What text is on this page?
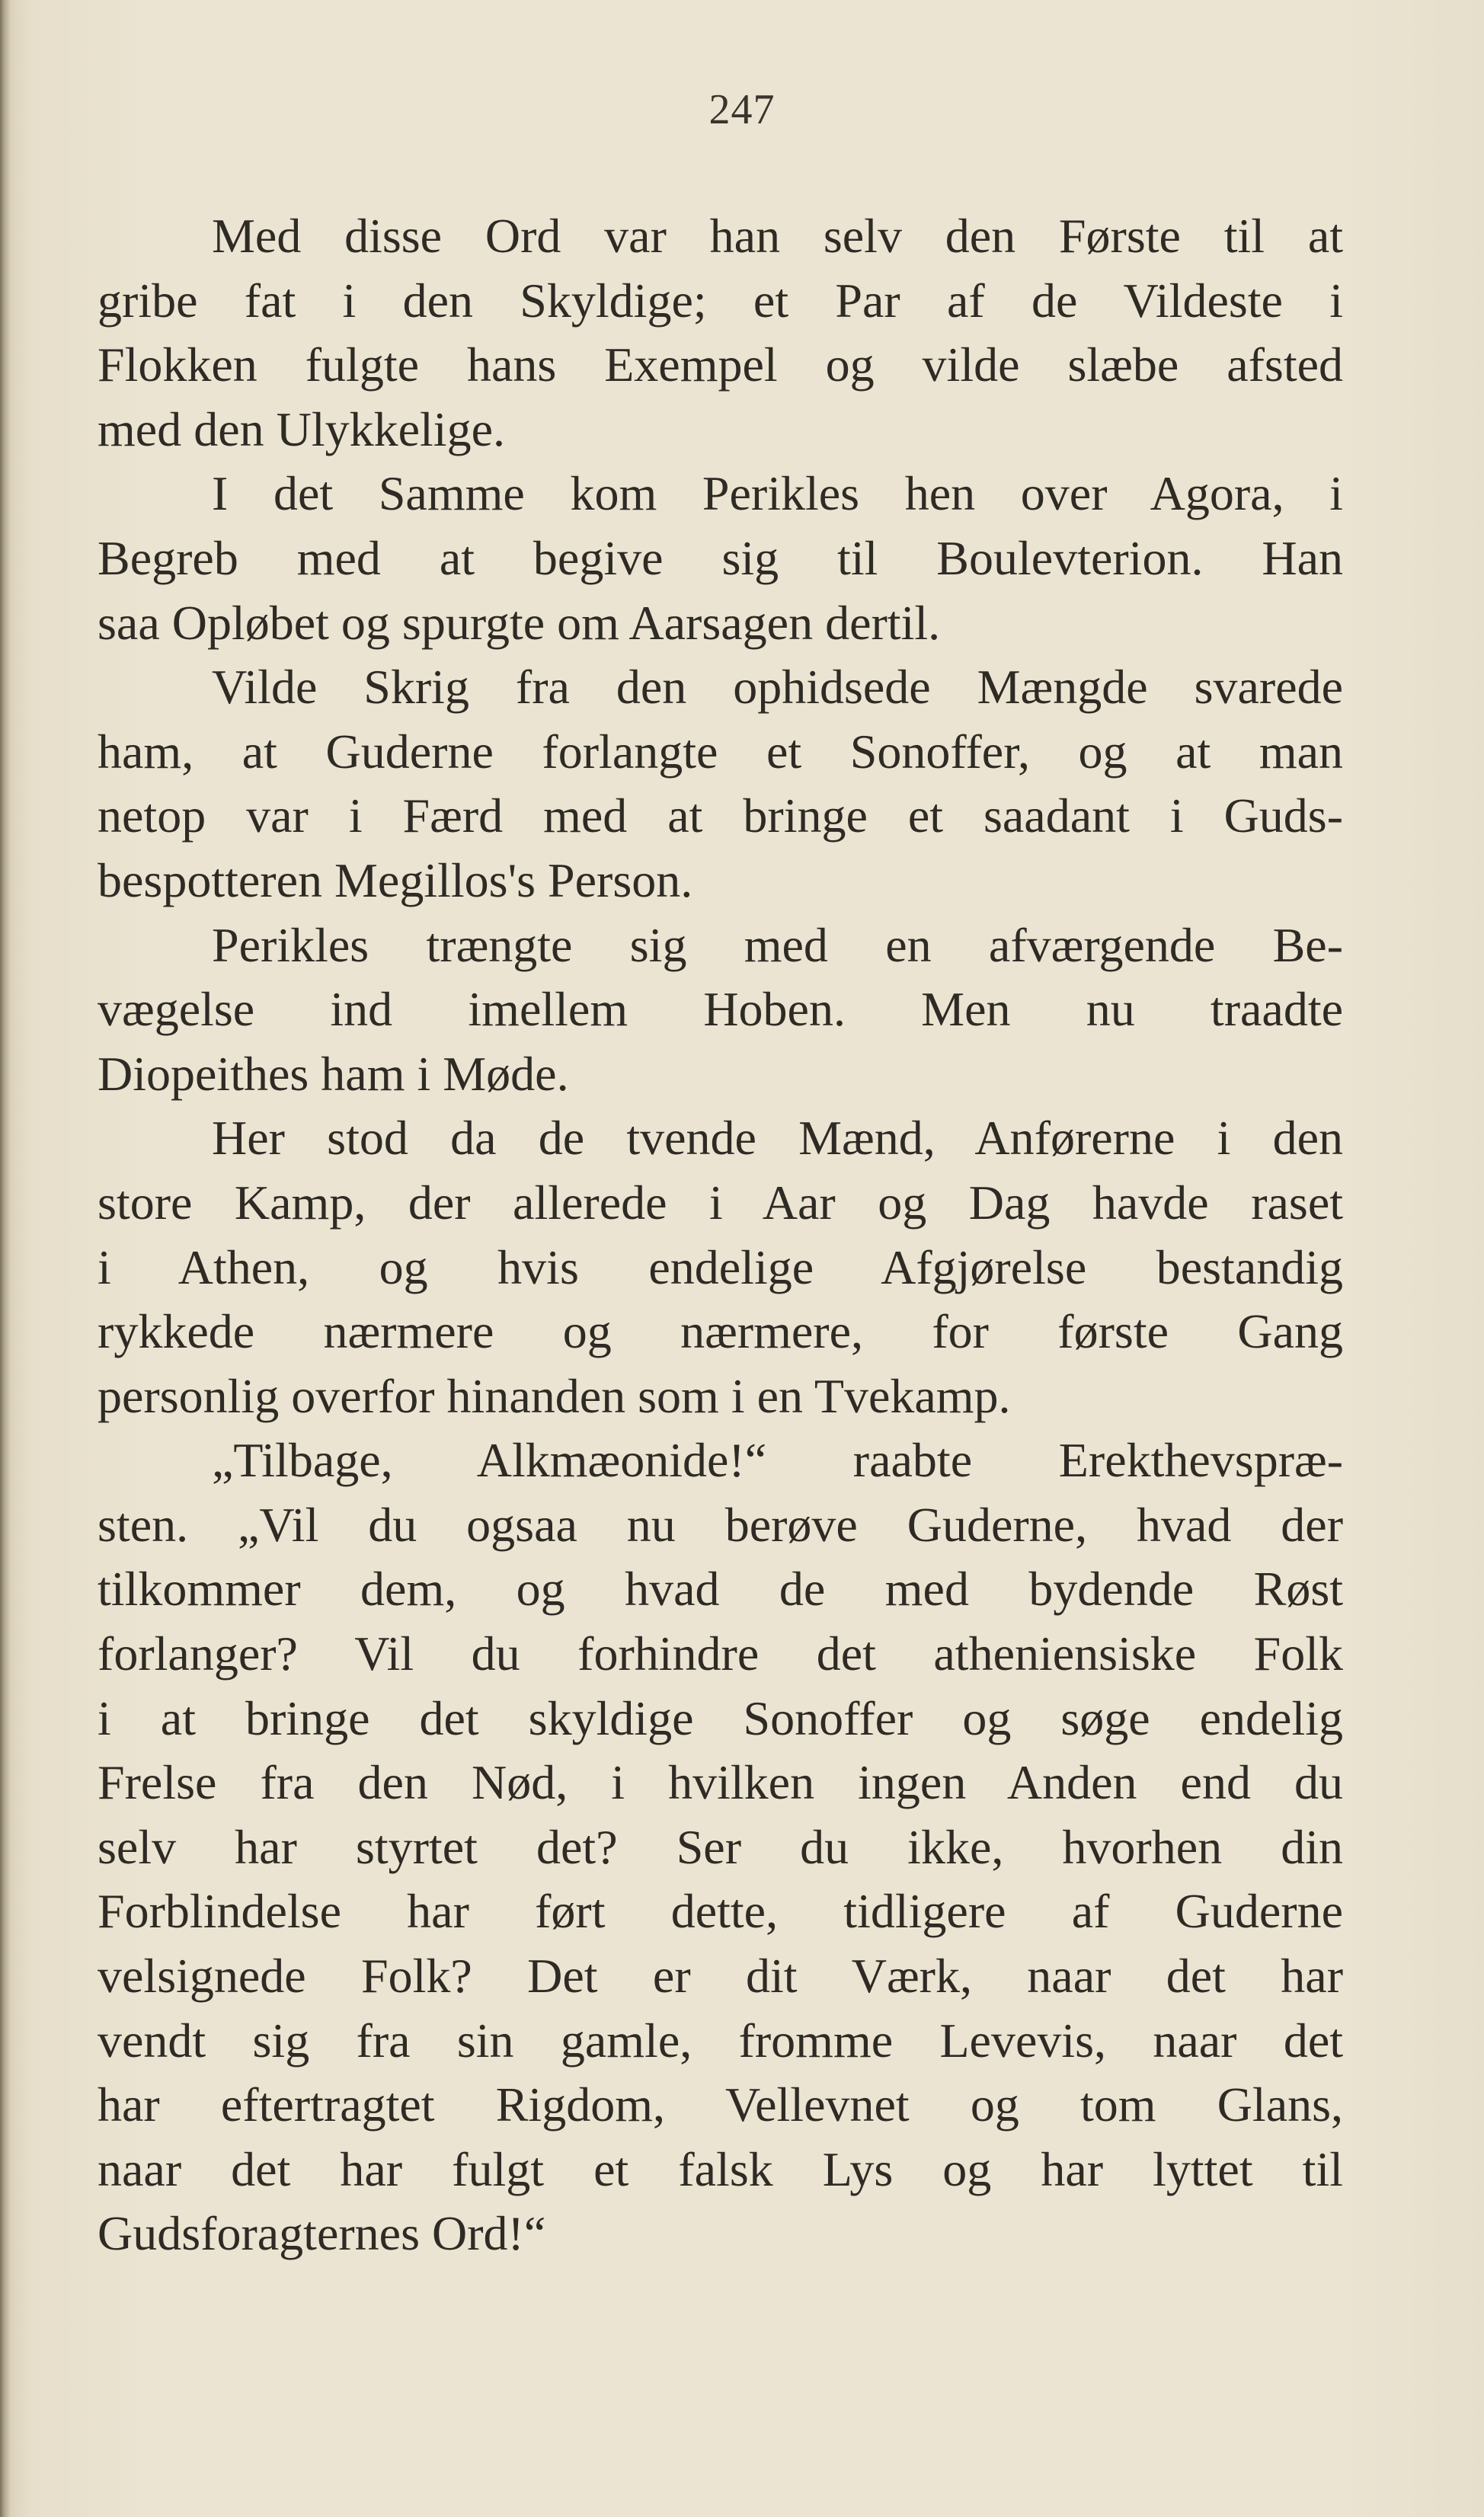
247
Med disse Ord var han selv den Første til at
gribe fat i den Skyldige; et Par af de Vildeste i
Flokken fulgte hans Exempel og vilde slæbe afsted
med den Ulykkelige.
I det Samme kom Perikles hen over Agora, i
Begreb med at begive sig til Boulevterion. Han
saa Opløbet og spurgte om Aarsagen dertil.
Vilde Skrig fra den ophidsede Mængde svarede
ham, at Guderne forlangte et Sonoffer, og at man
netop var i Færd med at bringe et saadant i Guds-
bespotteren Megillos's Person.
Perikles trængte sig med en afværgende Be-
vægelse ind imellem Hoben. Men nu traadte
Diopeithes ham i Møde.
Her stod da de tvende Mænd, Anførerne i den
store Kamp, der allerede i Aar og Dag havde raset
i Athen, og hvis endelige Afgjørelse bestandig
rykkede nærmere og nærmere, for første Gang
personlig overfor hinanden som i en Tvekamp.
„Tilbage, Alkmæonide!“ raabte Erekthevspræ-
sten. „Vil du ogsaa nu berøve Guderne, hvad der
tilkommer dem, og hvad de med bydende Røst
forlanger? Vil du forhindre det atheniensiske Folk
i at bringe det skyldige Sonoffer og søge endelig
Frelse fra den Nød, i hvilken ingen Anden end du
selv har styrtet det? Ser du ikke, hvorhen din
Forblindelse har ført dette, tidligere af Guderne
velsignede Folk? Det er dit Værk, naar det har
vendt sig fra sin gamle, fromme Levevis, naar det
har eftertragtet Rigdom, Vellevnet og tom Glans,
naar det har fulgt et falsk Lys og har lyttet til
Gudsforagternes Ord!“
